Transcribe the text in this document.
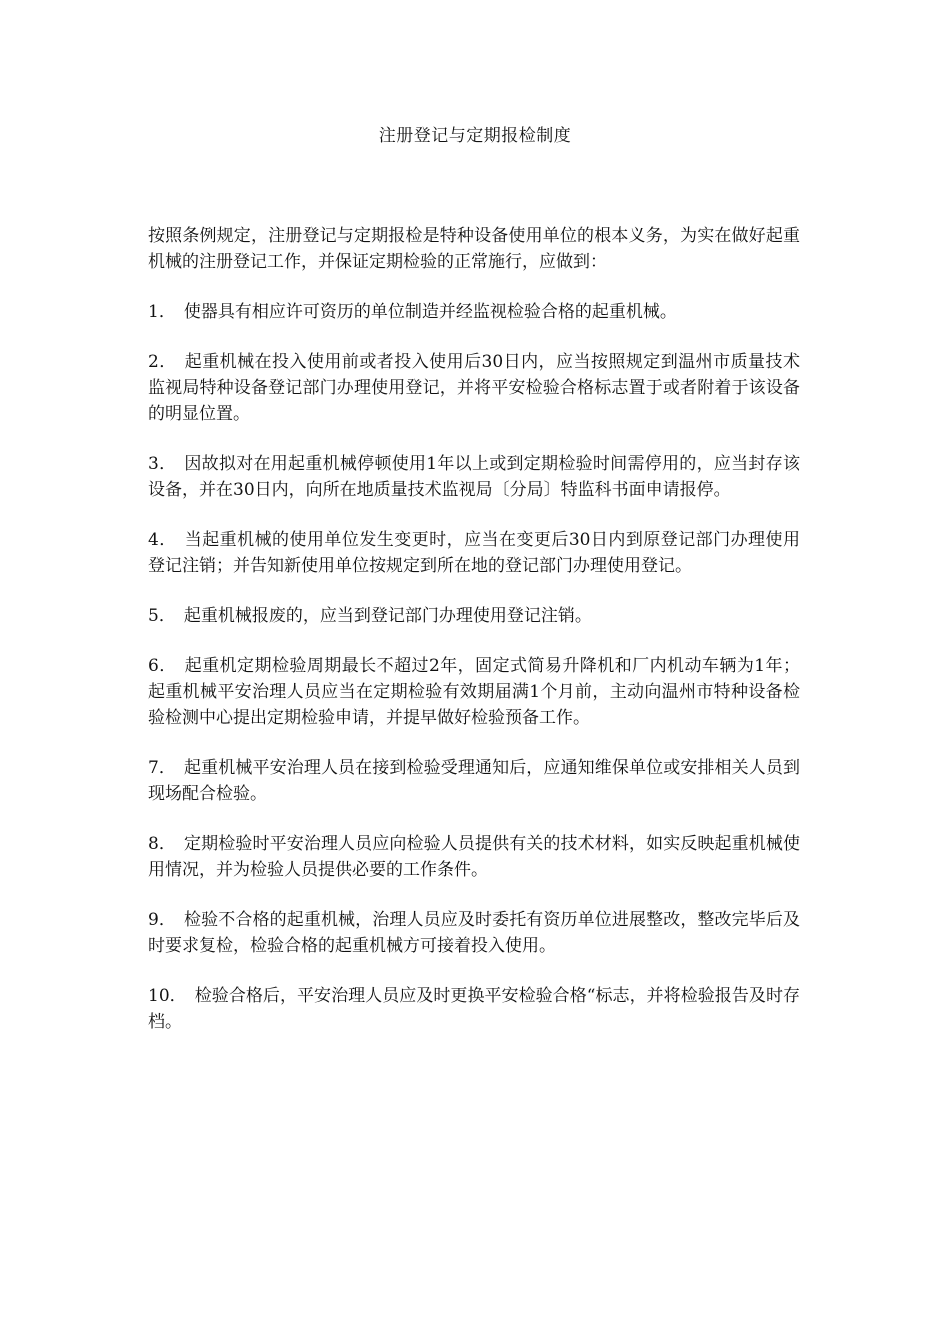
注册登记与定期报检制度

按照条例规定，注册登记与定期报检是特种设备使用单位的根本义务，为实在做好起重机械的注册登记工作，并保证定期检验的正常施行，应做到：

1． 使器具有相应许可资历的单位制造并经监视检验合格的起重机械。
2． 起重机械在投入使用前或者投入使用后30日内，应当按照规定到温州市质量技术监视局特种设备登记部门办理使用登记，并将平安检验合格标志置于或者附着于该设备的明显位置。
3． 因故拟对在用起重机械停顿使用1年以上或到定期检验时间需停用的，应当封存该设备，并在30日内，向所在地质量技术监视局〔分局〕特监科书面申请报停。
4． 当起重机械的使用单位发生变更时，应当在变更后30日内到原登记部门办理使用登记注销；并告知新使用单位按规定到所在地的登记部门办理使用登记。
5． 起重机械报废的，应当到登记部门办理使用登记注销。
6． 起重机定期检验周期最长不超过2年，固定式简易升降机和厂内机动车辆为1年；起重机械平安治理人员应当在定期检验有效期届满1个月前，主动向温州市特种设备检验检测中心提出定期检验申请，并提早做好检验预备工作。
7． 起重机械平安治理人员在接到检验受理通知后，应通知维保单位或安排相关人员到现场配合检验。
8． 定期检验时平安治理人员应向检验人员提供有关的技术材料，如实反映起重机械使用情况，并为检验人员提供必要的工作条件。
9． 检验不合格的起重机械，治理人员应及时委托有资历单位进展整改，整改完毕后及时要求复检，检验合格的起重机械方可接着投入使用。
10． 检验合格后，平安治理人员应及时更换平安检验合格“标志，并将检验报告及时存档。
